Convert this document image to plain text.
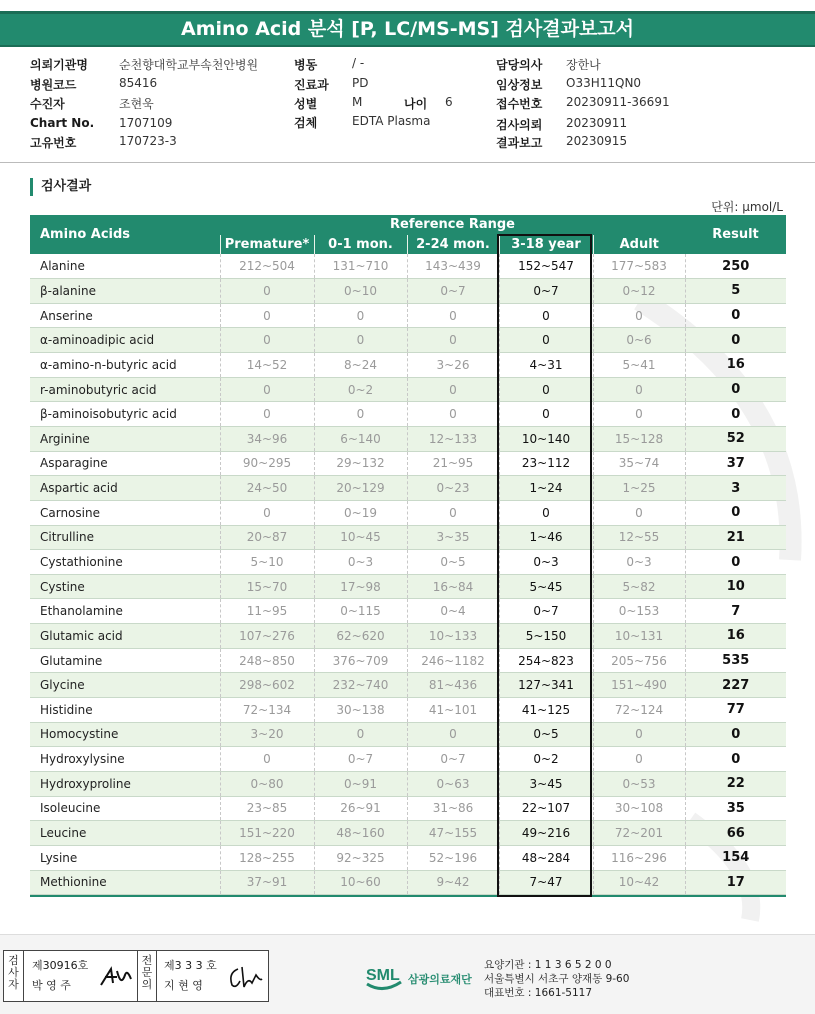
Amino Acid 분석 [P, LC/MS-MS] 검사결과보고서
의뢰기관명	순천향대학교부속천안병원
병원코드	85416
수진자	조현욱
Chart No. 1707109
고유번호	170723-3
병동	/ -
진료과 PD
성별	M	나이 6
검체	EDTA Plasma
담당의사 장한나
임상정보 O33H11QN0
접수번호 20230911-36691
검사의뢰 20230911
결과보고 20230915
검사결과
단위: μmol/L
Amino Acids	Reference Range					Result
	Premature*	0-1 mon.	2-24 mon.	3-18 year	Adult	
Alanine	212~504	131~710	143~439	152~547	177~583	250
β-alanine	0	0~10	0~7	0~7	0~12	5
Anserine	0	0	0	0	0	0
α-aminoadipic acid	0	0	0	0	0~6	0
α-amino-n-butyric acid	14~52	8~24	3~26	4~31	5~41	16
r-aminobutyric acid	0	0~2	0	0	0	0
β-aminoisobutyric acid	0	0	0	0	0	0
Arginine	34~96	6~140	12~133	10~140	15~128	52
Asparagine	90~295	29~132	21~95	23~112	35~74	37
Aspartic acid	24~50	20~129	0~23	1~24	1~25	3
Carnosine	0	0~19	0	0	0	0
Citrulline	20~87	10~45	3~35	1~46	12~55	21
Cystathionine	5~10	0~3	0~5	0~3	0~3	0
Cystine	15~70	17~98	16~84	5~45	5~82	10
Ethanolamine	11~95	0~115	0~4	0~7	0~153	7
Glutamic acid	107~276	62~620	10~133	5~150	10~131	16
Glutamine	248~850	376~709	246~1182	254~823	205~756	535
Glycine	298~602	232~740	81~436	127~341	151~490	227
Histidine	72~134	30~138	41~101	41~125	72~124	77
Homocystine	3~20	0	0	0~5	0	0
Hydroxylysine	0	0~7	0~7	0~2	0	0
Hydroxyproline	0~80	0~91	0~63	3~45	0~53	22
Isoleucine	23~85	26~91	31~86	22~107	30~108	35
Leucine	151~220	48~160	47~155	49~216	72~201	66
Lysine	128~255	92~325	52~196	48~284	116~296	154
Methionine	37~91	10~60	9~42	7~47	10~42	17
검사자
제30916호
박 영 주
전문의
제3 3 3 호
지 현 영
SML 삼광의료재단
요양기관 : 1 1 3 6 5 2 0 0
서울특별시 서초구 양재동 9-60
대표번호 : 1661-5117
